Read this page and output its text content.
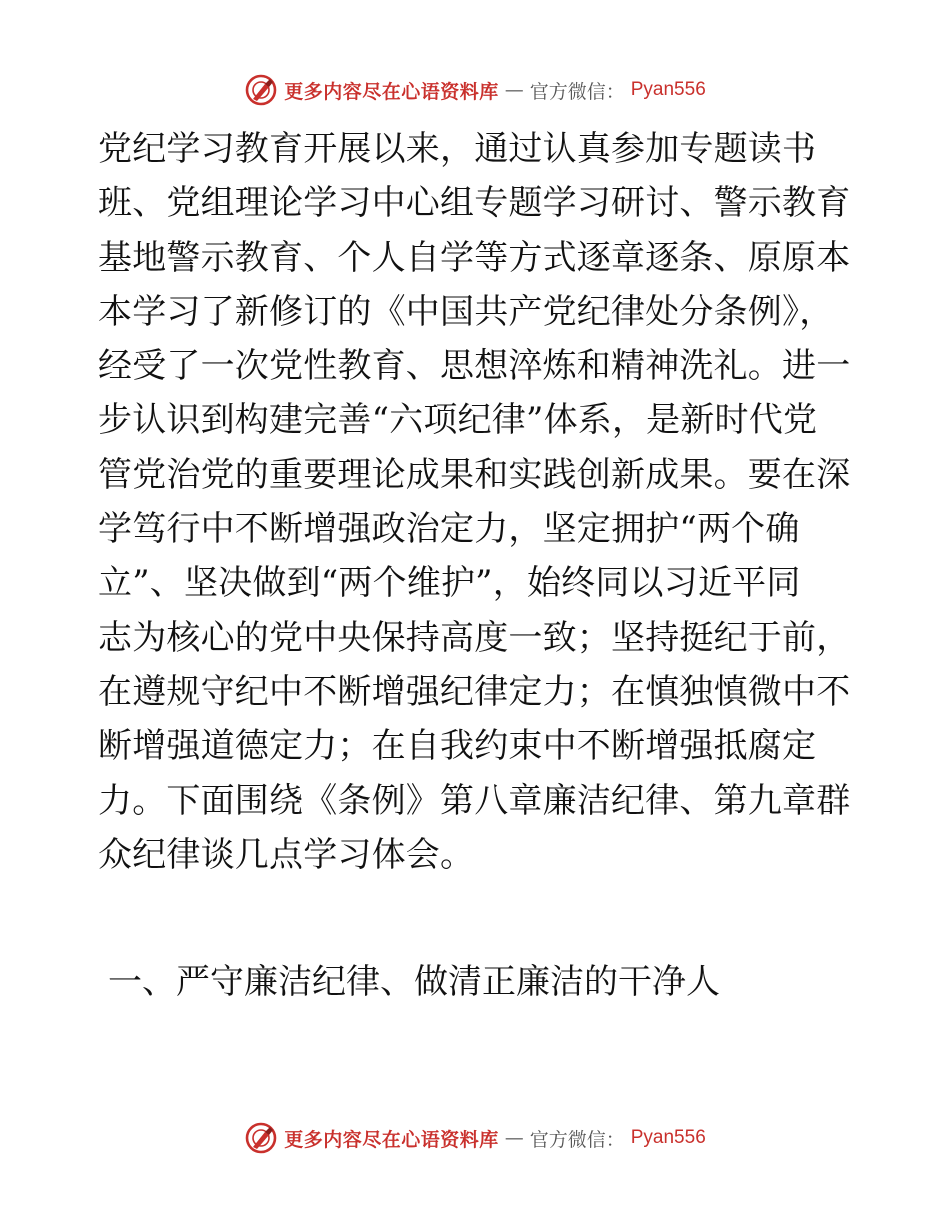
更多内容尽在心语资料库 — 官方微信： Pyan556
党纪学习教育开展以来，通过认真参加专题读书
班、党组理论学习中心组专题学习研讨、警示教育
基地警示教育、个人自学等方式逐章逐条、原原本
本学习了新修订的《中国共产党纪律处分条例》，
经受了一次党性教育、思想淬炼和精神洗礼。进一
步认识到构建完善“六项纪律”体系，是新时代党
管党治党的重要理论成果和实践创新成果。要在深
学笃行中不断增强政治定力，坚定拥护“两个确
立”、坚决做到“两个维护”，始终同以习近平同
志为核心的党中央保持高度一致；坚持挺纪于前，
在遵规守纪中不断增强纪律定力；在慎独慎微中不
断增强道德定力；在自我约束中不断增强抵腐定
力。下面围绕《条例》第八章廉洁纪律、第九章群
众纪律谈几点学习体会。
一、严守廉洁纪律、做清正廉洁的干净人
更多内容尽在心语资料库 — 官方微信： Pyan556
